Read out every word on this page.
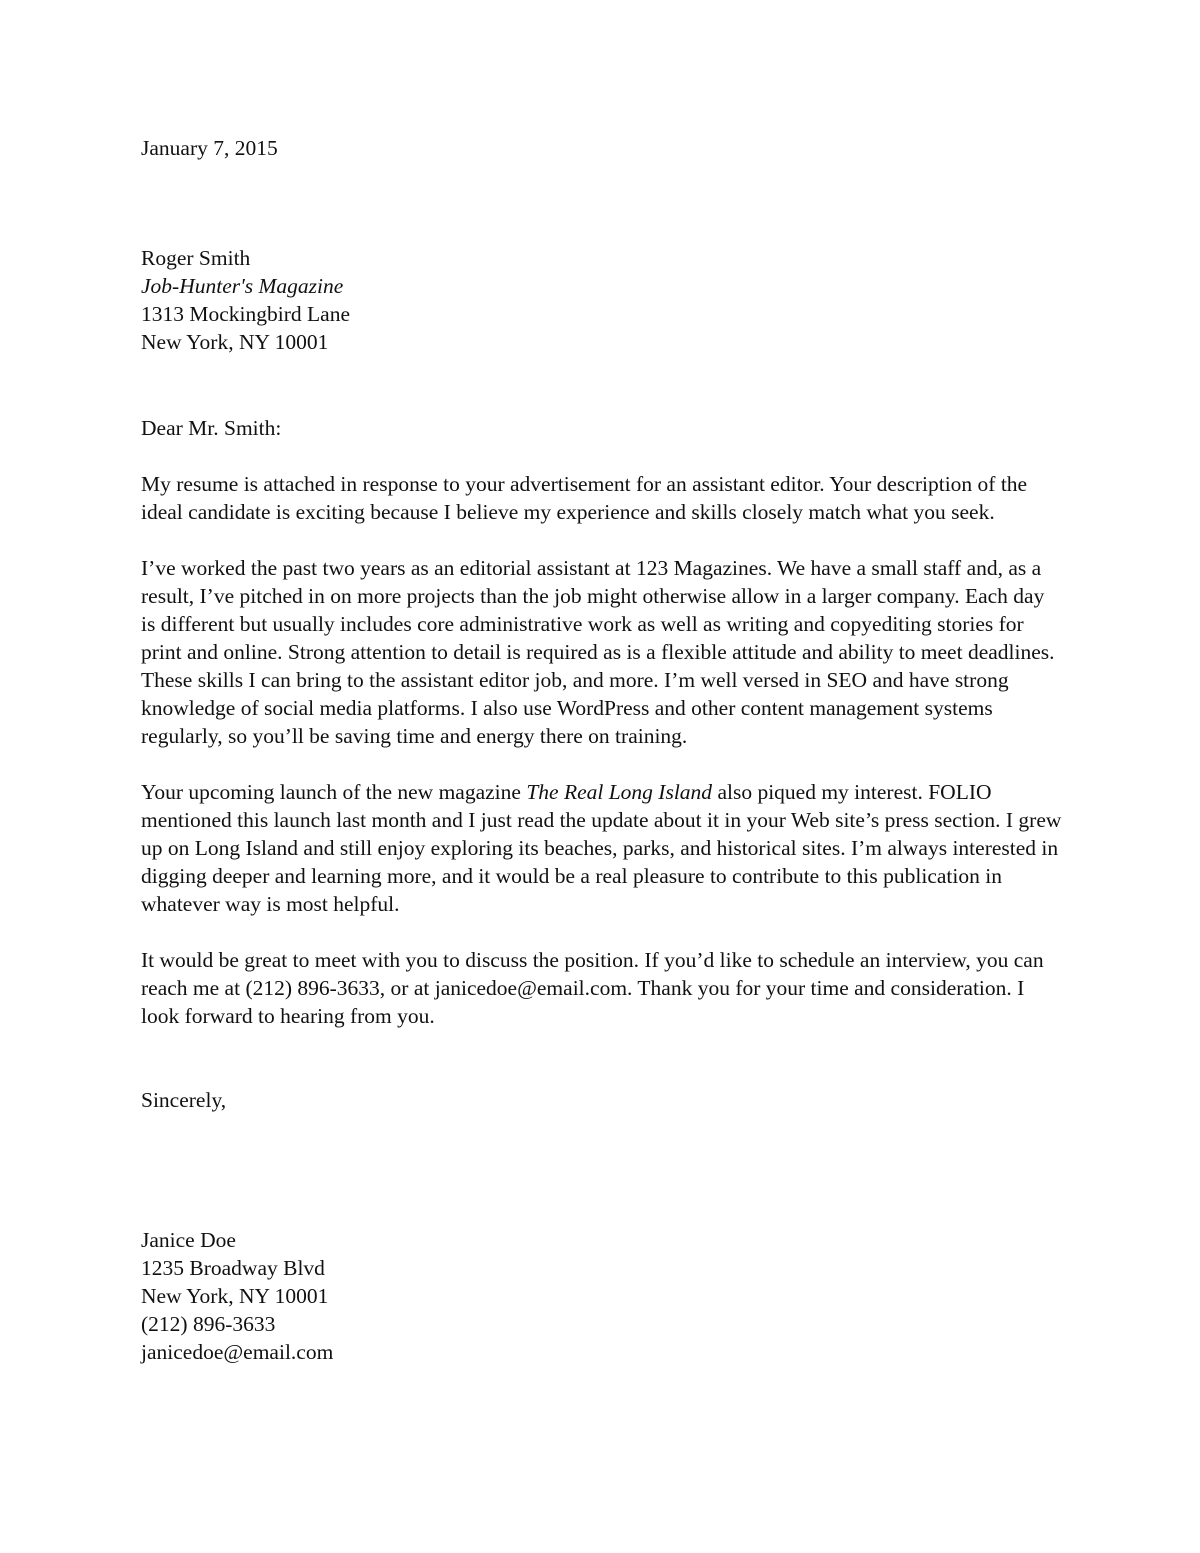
January 7, 2015
Roger Smith
Job-Hunter's Magazine
1313 Mockingbird Lane
New York, NY 10001
Dear Mr. Smith:

My resume is attached in response to your advertisement for an assistant editor. Your description of the ideal candidate is exciting because I believe my experience and skills closely match what you seek.

I’ve worked the past two years as an editorial assistant at 123 Magazines. We have a small staff and, as a result, I’ve pitched in on more projects than the job might otherwise allow in a larger company. Each day is different but usually includes core administrative work as well as writing and copyediting stories for print and online. Strong attention to detail is required as is a flexible attitude and ability to meet deadlines. These skills I can bring to the assistant editor job, and more. I’m well versed in SEO and have strong knowledge of social media platforms. I also use WordPress and other content management systems regularly, so you’ll be saving time and energy there on training.

Your upcoming launch of the new magazine The Real Long Island also piqued my interest. FOLIO mentioned this launch last month and I just read the update about it in your Web site’s press section. I grew up on Long Island and still enjoy exploring its beaches, parks, and historical sites. I’m always interested in digging deeper and learning more, and it would be a real pleasure to contribute to this publication in whatever way is most helpful.

It would be great to meet with you to discuss the position. If you’d like to schedule an interview, you can reach me at (212) 896-3633, or at janicedoe@email.com. Thank you for your time and consideration. I look forward to hearing from you.

Sincerely,
Janice Doe
1235 Broadway Blvd
New York, NY 10001
(212) 896-3633
janicedoe@email.com
